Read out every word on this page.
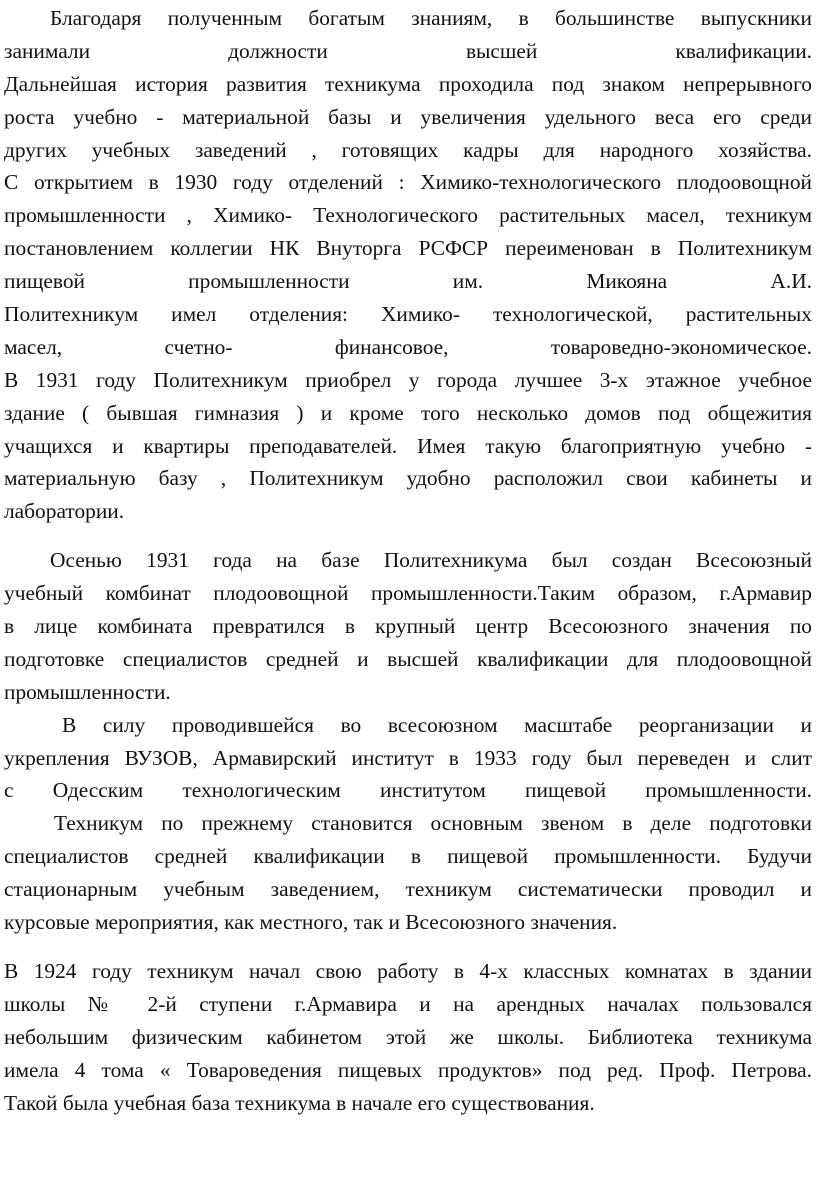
Благодаря полученным богатым знаниям, в большинстве выпускники
занимали должности высшей квалификации.
Дальнейшая история развития техникума проходила под знаком непрерывного
роста учебно - материальной базы и увеличения удельного веса его среди
других учебных заведений , готовящих кадры для народного хозяйства.
С открытием в 1930 году отделений : Химико-технологического плодоовощной
промышленности , Химико- Технологического растительных масел, техникум
постановлением коллегии НК Внуторга РСФСР переименован в Политехникум
пищевой промышленности им. Микояна А.И.
Политехникум имел отделения: Химико- технологической, растительных
масел, счетно- финансовое, товароведно-экономическое.
В 1931 году Политехникум приобрел у города лучшее 3-х этажное учебное
здание ( бывшая гимназия ) и кроме того несколько домов под общежития
учащихся и квартиры преподавателей. Имея такую благоприятную учебно -
материальную базу , Политехникум удобно расположил свои кабинеты и
лаборатории.
Осенью 1931 года на базе Политехникума был создан Всесоюзный
учебный комбинат плодоовощной промышленности.Таким образом, г.Армавир
в лице комбината превратился в крупный центр Всесоюзного значения по
подготовке специалистов средней и высшей квалификации для плодоовощной
промышленности.
В силу проводившейся во всесоюзном масштабе реорганизации и
укрепления ВУЗОВ, Армавирский институт в 1933 году был переведен и слит
с Одесским технологическим институтом пищевой промышленности.
Техникум по прежнему становится основным звеном в деле подготовки
специалистов средней квалификации в пищевой промышленности. Будучи
стационарным учебным заведением, техникум систематически проводил и
курсовые мероприятия, как местного, так и Всесоюзного значения.
В 1924 году техникум начал свою работу в 4-х классных комнатах в здании
школы № 2-й ступени г.Армавира и на арендных началах пользовался
небольшим физическим кабинетом этой же школы. Библиотека техникума
имела 4 тома « Товароведения пищевых продуктов» под ред. Проф. Петрова.
Такой была учебная база техникума в начале его существования.
